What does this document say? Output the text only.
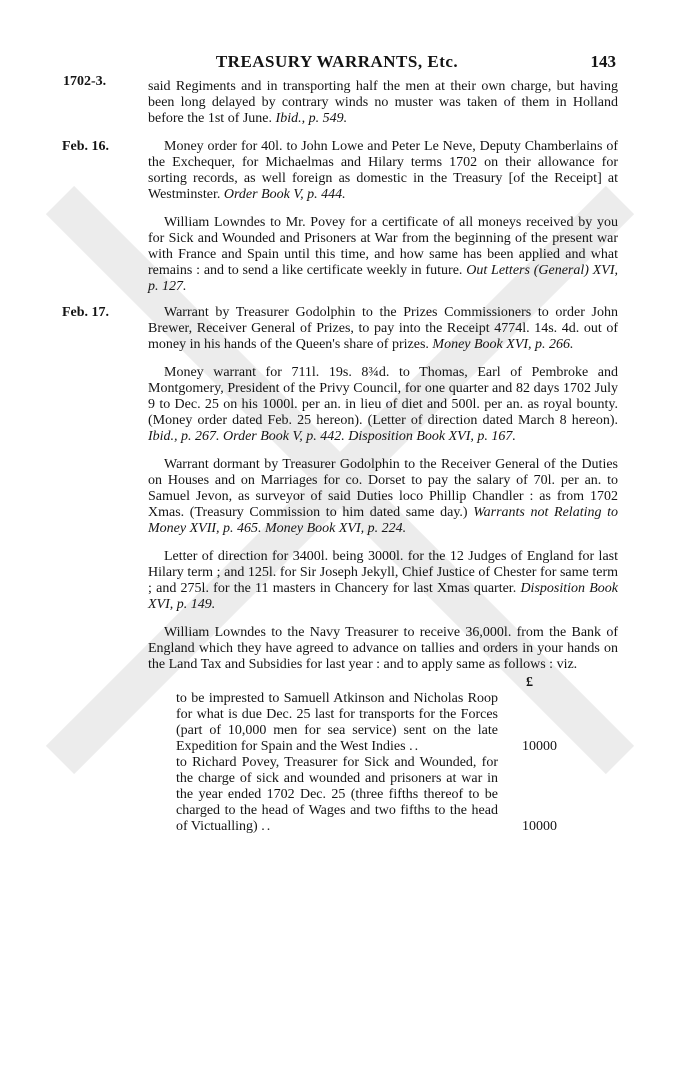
TREASURY WARRANTS, Etc.	143
1702-3.	said Regiments and in transporting half the men at their own charge, but having been long delayed by contrary winds no muster was taken of them in Holland before the 1st of June. Ibid., p. 549.

Feb. 16.	Money order for 40l. to John Lowe and Peter Le Neve, Deputy Chamberlains of the Exchequer, for Michaelmas and Hilary terms 1702 on their allowance for sorting records, as well foreign as domestic in the Treasury [of the Receipt] at Westminster. Order Book V, p. 444.

William Lowndes to Mr. Povey for a certificate of all moneys received by you for Sick and Wounded and Prisoners at War from the beginning of the present war with France and Spain until this time, and how same has been applied and what remains : and to send a like certificate weekly in future. Out Letters (General) XVI, p. 127.

Feb. 17.	Warrant by Treasurer Godolphin to the Prizes Commissioners to order John Brewer, Receiver General of Prizes, to pay into the Receipt 4774l. 14s. 4d. out of money in his hands of the Queen's share of prizes. Money Book XVI, p. 266.

Money warrant for 711l. 19s. 8¾d. to Thomas, Earl of Pembroke and Montgomery, President of the Privy Council, for one quarter and 82 days 1702 July 9 to Dec. 25 on his 1000l. per an. in lieu of diet and 500l. per an. as royal bounty. (Money order dated Feb. 25 hereon). (Letter of direction dated March 8 hereon). Ibid., p. 267. Order Book V, p. 442. Disposition Book XVI, p. 167.

Warrant dormant by Treasurer Godolphin to the Receiver General of the Duties on Houses and on Marriages for co. Dorset to pay the salary of 70l. per an. to Samuel Jevon, as surveyor of said Duties loco Phillip Chandler : as from 1702 Xmas. (Treasury Commission to him dated same day.) Warrants not Relating to Money XVII, p. 465. Money Book XVI, p. 224.

Letter of direction for 3400l. being 3000l. for the 12 Judges of England for last Hilary term ; and 125l. for Sir Joseph Jekyll, Chief Justice of Chester for same term ; and 275l. for the 11 masters in Chancery for last Xmas quarter. Disposition Book XVI, p. 149.

William Lowndes to the Navy Treasurer to receive 36,000l. from the Bank of England which they have agreed to advance on tallies and orders in your hands on the Land Tax and Subsidies for last year : and to apply same as follows : viz.

£

to be imprested to Samuell Atkinson and Nicholas Roop for what is due Dec. 25 last for transports for the Forces (part of 10,000 men for sea service) sent on the late Expedition for Spain and the West Indies ..	10000

to Richard Povey, Treasurer for Sick and Wounded, for the charge of sick and wounded and prisoners at war in the year ended 1702 Dec. 25 (three fifths thereof to be charged to the head of Wages and two fifths to the head of Victualling) ..	10000
